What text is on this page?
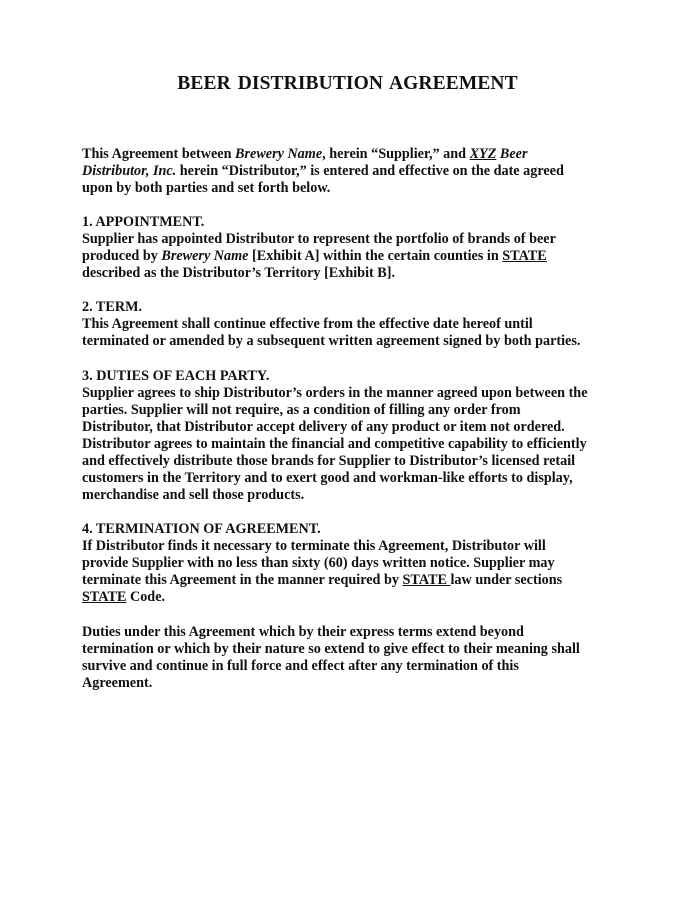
BEER DISTRIBUTION AGREEMENT
This Agreement between Brewery Name, herein “Supplier,” and XYZ Beer
Distributor, Inc. herein “Distributor,” is entered and effective on the date agreed
upon by both parties and set forth below.
1. APPOINTMENT.
Supplier has appointed Distributor to represent the portfolio of brands of beer
produced by Brewery Name [Exhibit A] within the certain counties in STATE
described as the Distributor’s Territory [Exhibit B].
2. TERM.
This Agreement shall continue effective from the effective date hereof until
terminated or amended by a subsequent written agreement signed by both parties.
3. DUTIES OF EACH PARTY.
Supplier agrees to ship Distributor’s orders in the manner agreed upon between the
parties. Supplier will not require, as a condition of filling any order from
Distributor, that Distributor accept delivery of any product or item not ordered.
Distributor agrees to maintain the financial and competitive capability to efficiently
and effectively distribute those brands for Supplier to Distributor’s licensed retail
customers in the Territory and to exert good and workman-like efforts to display,
merchandise and sell those products.
4. TERMINATION OF AGREEMENT.
If Distributor finds it necessary to terminate this Agreement, Distributor will
provide Supplier with no less than sixty (60) days written notice. Supplier may
terminate this Agreement in the manner required by STATE law under sections
STATE Code.
Duties under this Agreement which by their express terms extend beyond
termination or which by their nature so extend to give effect to their meaning shall
survive and continue in full force and effect after any termination of this
Agreement.
